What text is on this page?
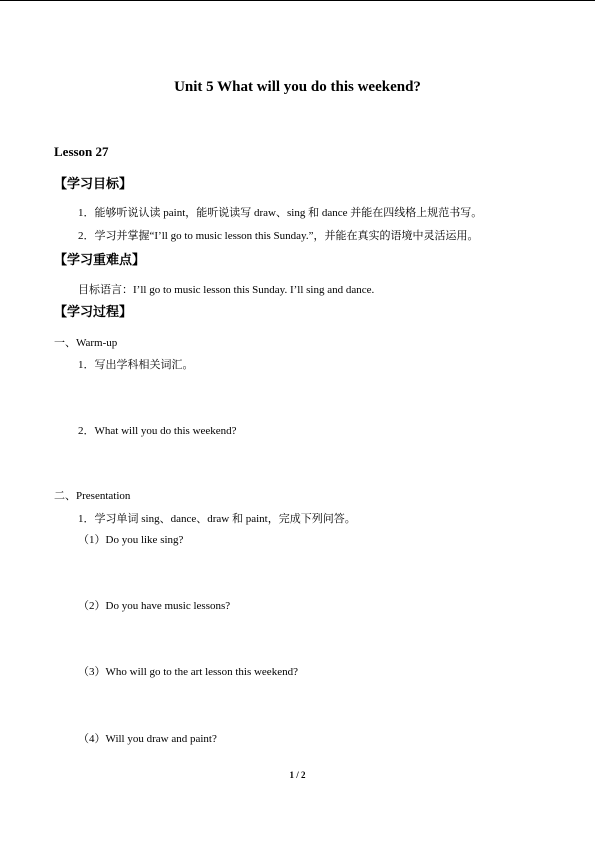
Unit 5 What will you do this weekend?
Lesson 27
【学习目标】
1．能够听说认读 paint，能听说读写 draw、sing 和 dance 并能在四线格上规范书写。
2．学习并掌握“I’ll go to music lesson this Sunday.”，并能在真实的语境中灵活运用。
【学习重难点】
目标语言：I’ll go to music lesson this Sunday. I’ll sing and dance.
【学习过程】
一、Warm-up
1．写出学科相关词汇。
2．What will you do this weekend?
二、Presentation
1．学习单词 sing、dance、draw 和 paint，完成下列问答。
（1）Do you like sing?
（2）Do you have music lessons?
（3）Who will go to the art lesson this weekend?
（4）Will you draw and paint?
1 / 2
